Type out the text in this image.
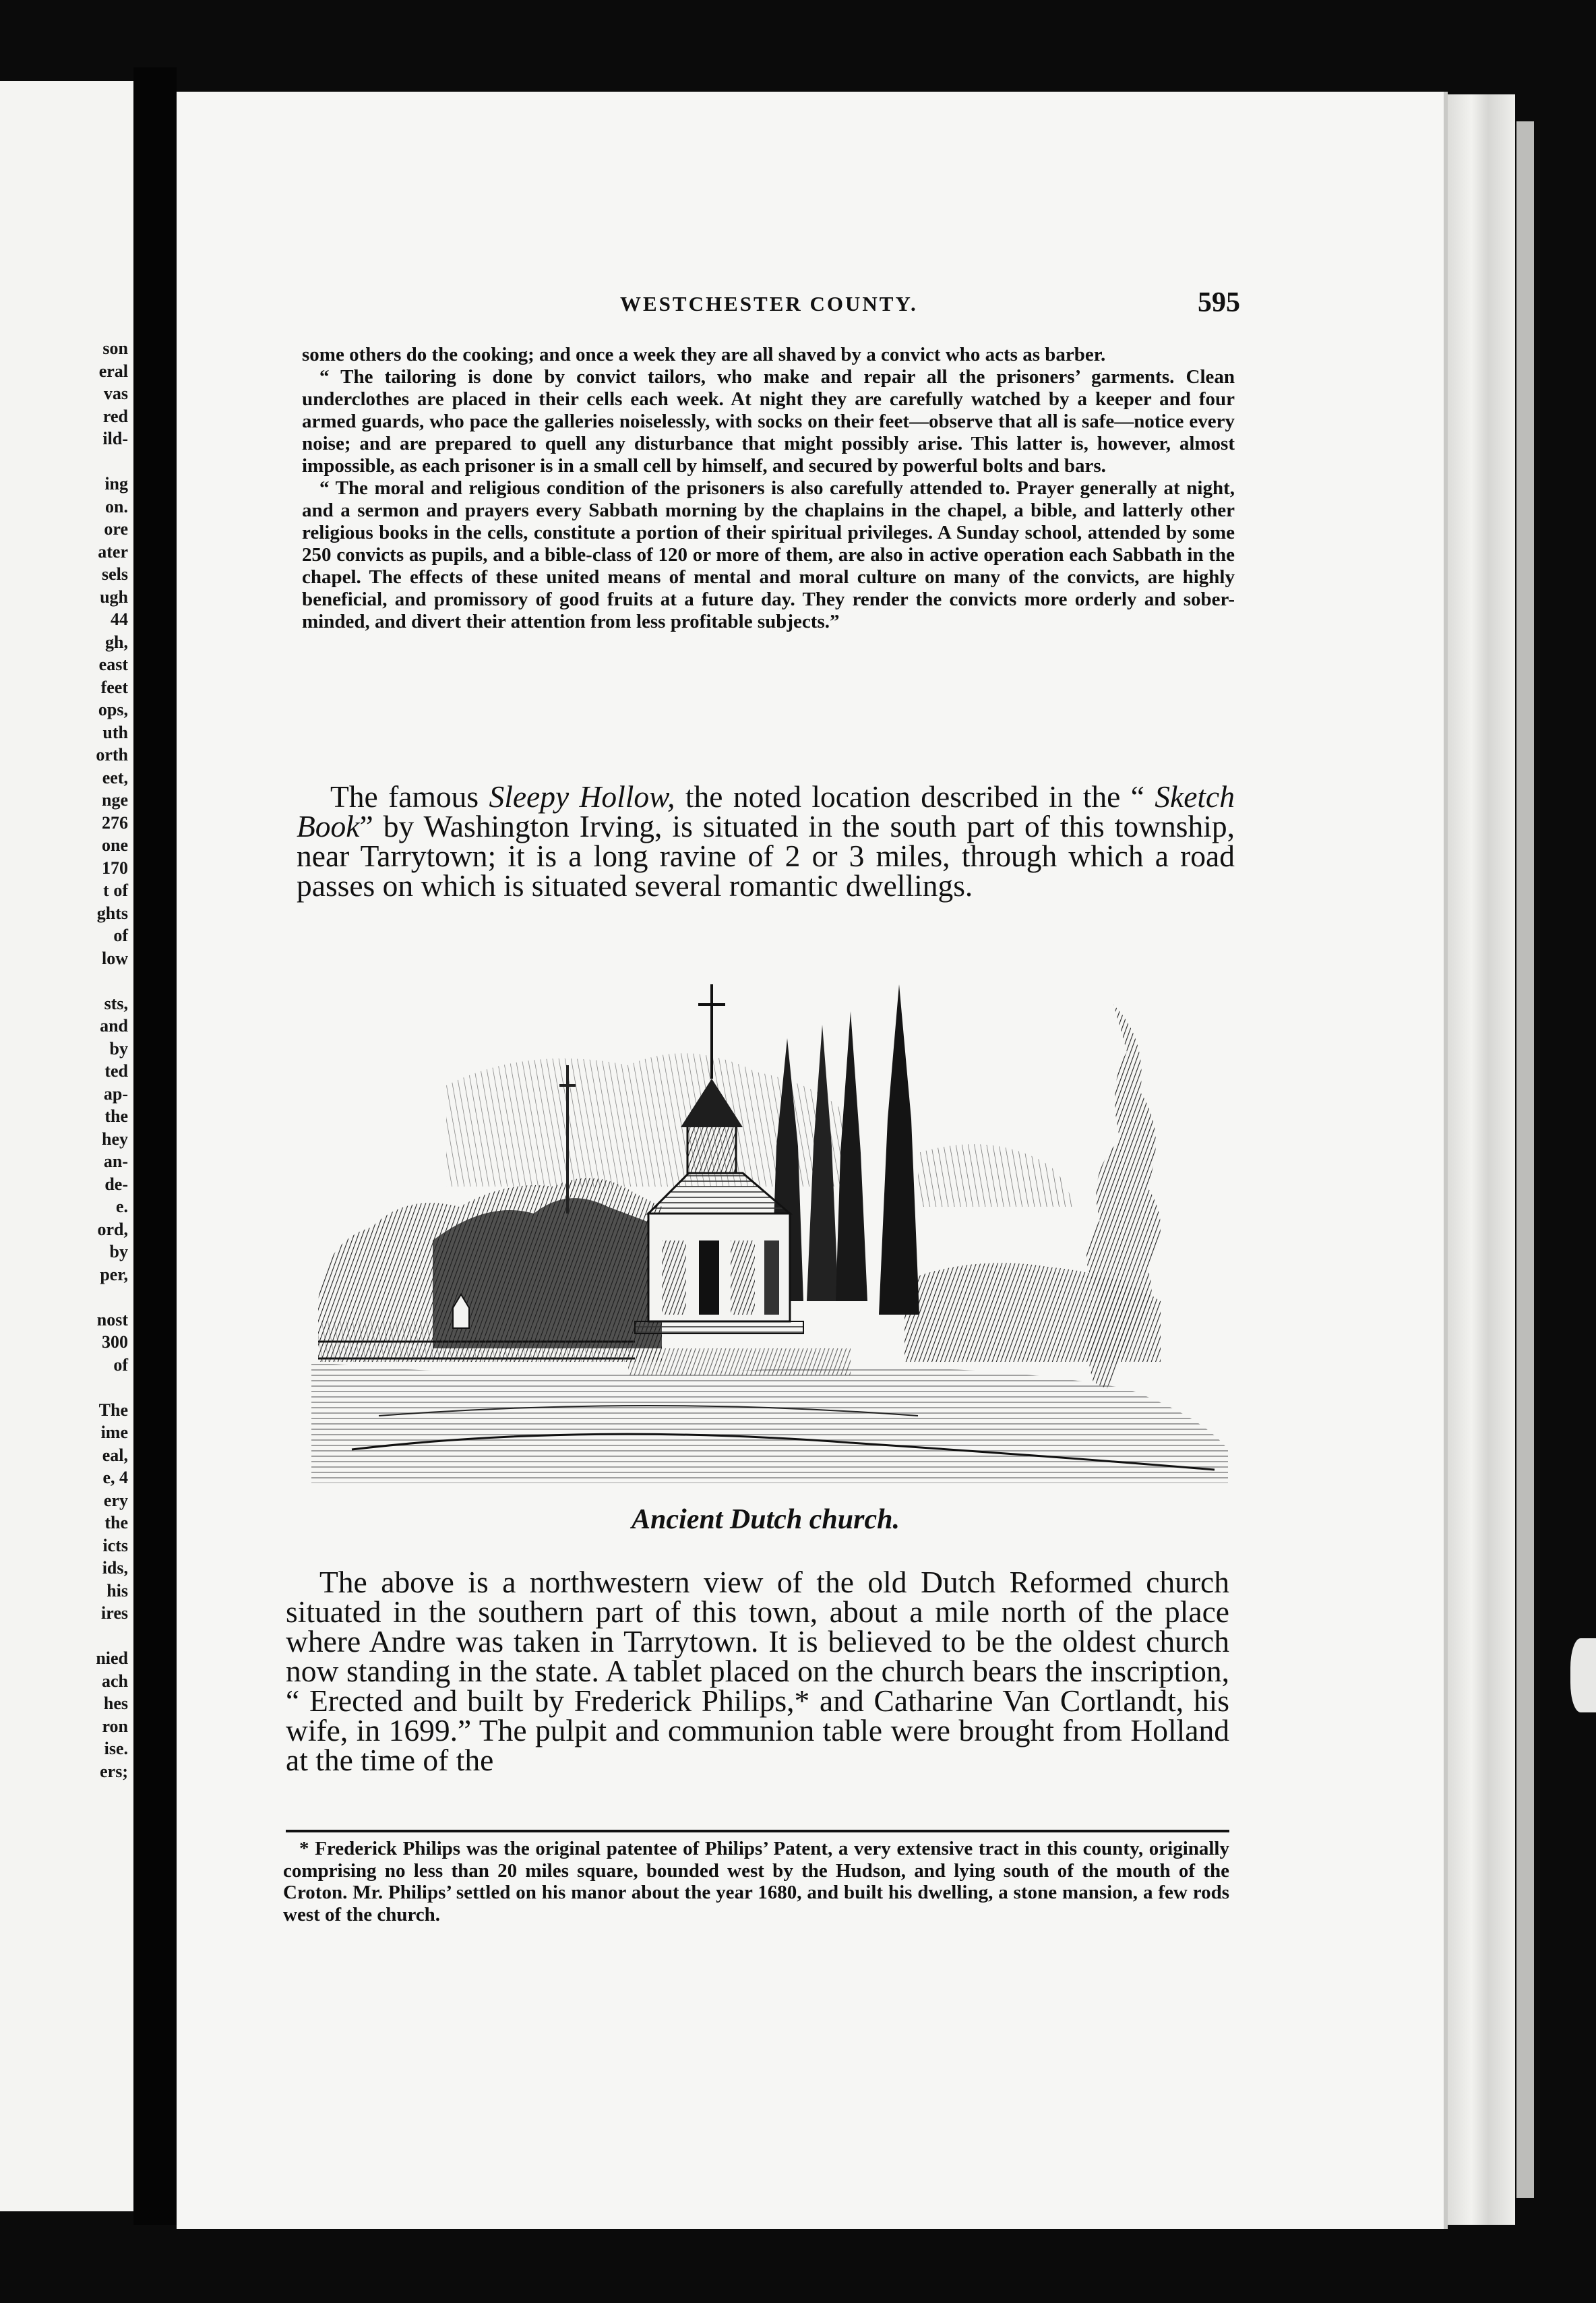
son
eral
vas
red
ild-

ing
on.
ore
ater
sels
ugh
44
gh,
east
feet
ops,
uth
orth
eet,
nge
276
one
170
t of
ghts
of
low

sts,
and
by
ted
ap-
the
hey
an-
de-
e.
ord,
by
per,

nost
300
of

The
ime
eal,
e, 4
ery
the
icts
ids,
his
ires

nied
ach
hes
ron
ise.
ers;
WESTCHESTER COUNTY.	595

some others do the cooking; and once a week they are all shaved by a convict who acts as barber.

“ The tailoring is done by convict tailors, who make and repair all the prisoners’ garments. Clean underclothes are placed in their cells each week. At night they are carefully watched by a keeper and four armed guards, who pace the galleries noiselessly, with socks on their feet—observe that all is safe—notice every noise; and are prepared to quell any disturbance that might possibly arise. This latter is, however, almost impossible, as each prisoner is in a small cell by himself, and secured by powerful bolts and bars.

“ The moral and religious condition of the prisoners is also carefully attended to. Prayer generally at night, and a sermon and prayers every Sabbath morning by the chaplains in the chapel, a bible, and latterly other religious books in the cells, constitute a portion of their spiritual privileges. A Sunday school, attended by some 250 convicts as pupils, and a bible-class of 120 or more of them, are also in active operation each Sabbath in the chapel. The effects of these united means of mental and moral culture on many of the convicts, are highly beneficial, and promissory of good fruits at a future day. They render the convicts more orderly and sober-minded, and divert their attention from less profitable subjects.”

The famous Sleepy Hollow, the noted location described in the “ Sketch Book” by Washington Irving, is situated in the south part of this township, near Tarrytown; it is a long ravine of 2 or 3 miles, through which a road passes on which is situated several romantic dwellings.

Ancient Dutch church.

The above is a northwestern view of the old Dutch Reformed church situated in the southern part of this town, about a mile north of the place where Andre was taken in Tarrytown. It is believed to be the oldest church now standing in the state. A tablet placed on the church bears the inscription, “ Erected and built by Frederick Philips,* and Catharine Van Cortlandt, his wife, in 1699.” The pulpit and communion table were brought from Holland at the time of the

* Frederick Philips was the original patentee of Philips’ Patent, a very extensive tract in this county, originally comprising no less than 20 miles square, bounded west by the Hudson, and lying south of the mouth of the Croton. Mr. Philips’ settled on his manor about the year 1680, and built his dwelling, a stone mansion, a few rods west of the church.
